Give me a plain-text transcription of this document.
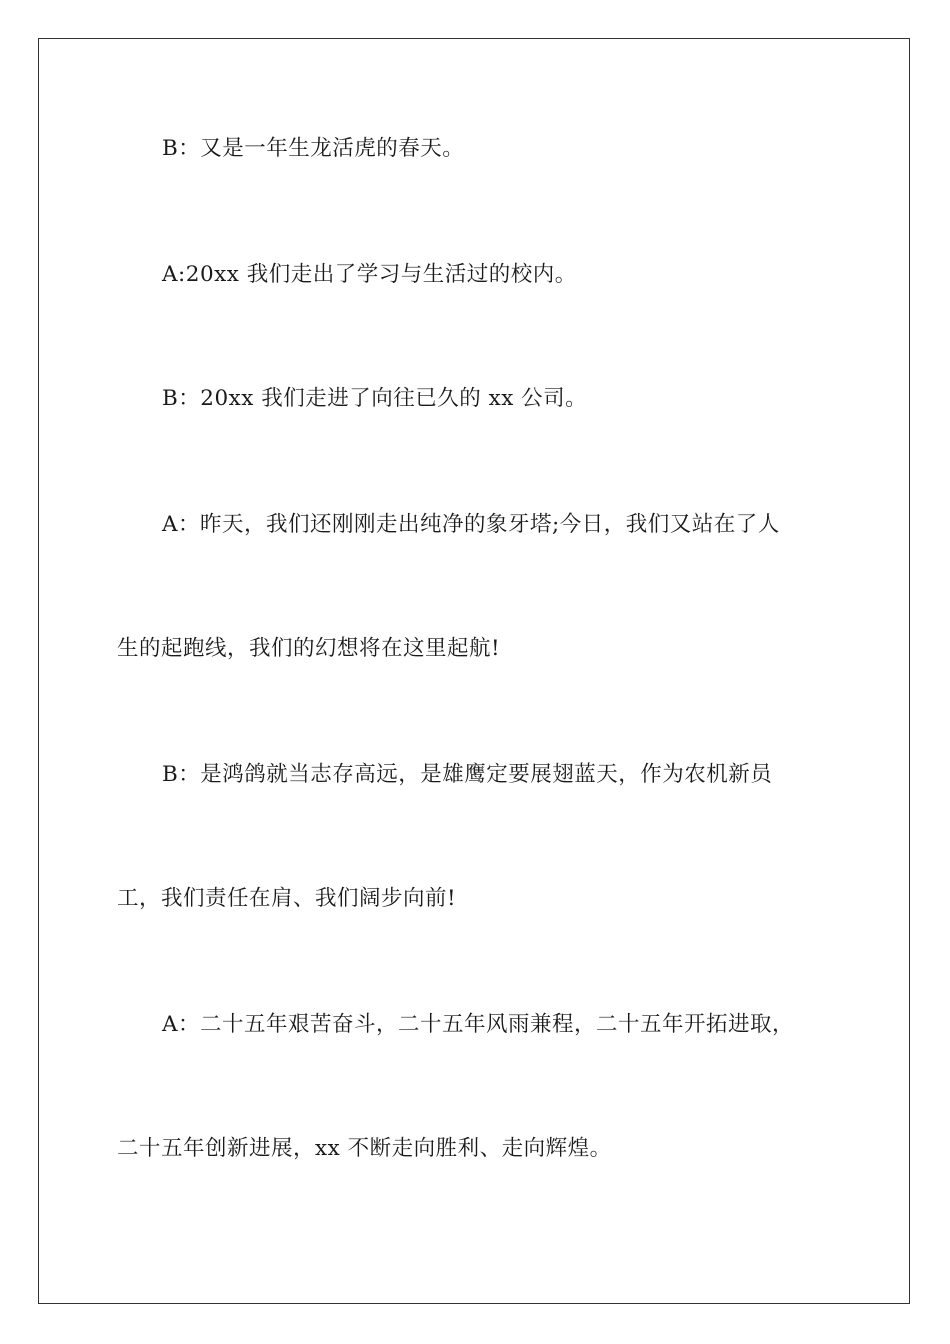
B：又是一年生龙活虎的春天。
A:20xx 我们走出了学习与生活过的校内。
B：20xx 我们走进了向往已久的 xx 公司。
A：昨天，我们还刚刚走出纯净的象牙塔;今日，我们又站在了人
生的起跑线，我们的幻想将在这里起航!
B：是鸿鸽就当志存高远，是雄鹰定要展翅蓝天，作为农机新员
工，我们责任在肩、我们阔步向前!
A：二十五年艰苦奋斗，二十五年风雨兼程，二十五年开拓进取，
二十五年创新进展，xx 不断走向胜利、走向辉煌。
